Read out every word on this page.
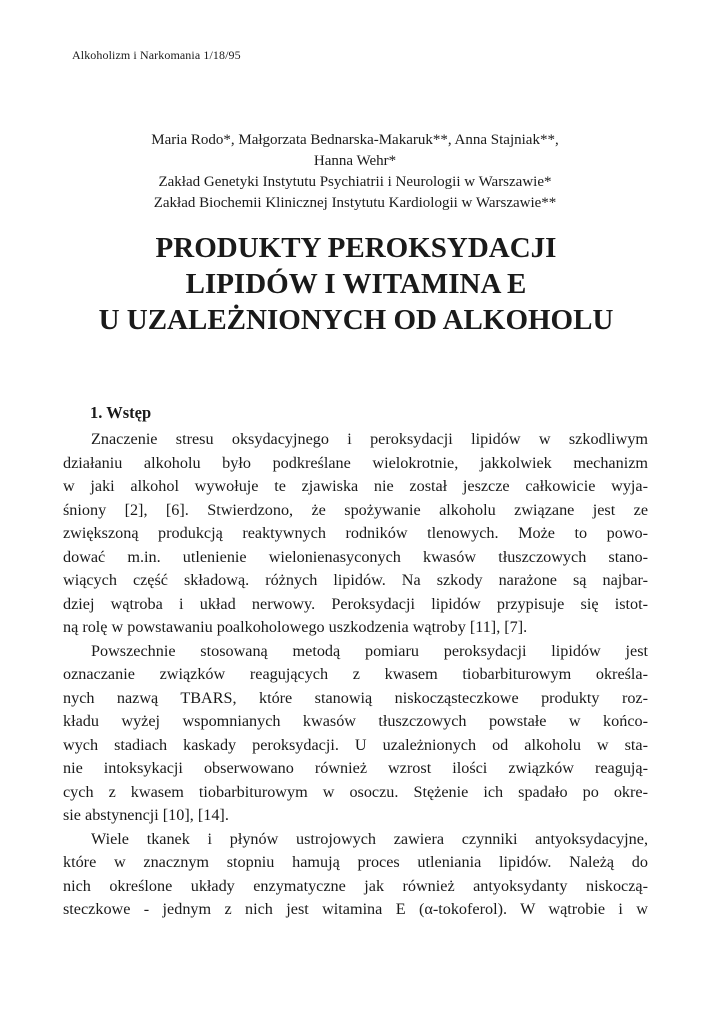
Alkoholizm i Narkomania 1/18/95
Maria Rodo*, Małgorzata Bednarska-Makaruk**, Anna Stajniak**,
Hanna Wehr*
Zakład Genetyki Instytutu Psychiatrii i Neurologii w Warszawie*
Zakład Biochemii Klinicznej Instytutu Kardiologii w Warszawie**
PRODUKTY PEROKSYDACJI
LIPIDÓW I WITAMINA E
U UZALEŻNIONYCH OD ALKOHOLU
1. Wstęp
Znaczenie stresu oksydacyjnego i peroksydacji lipidów w szkodliwym
działaniu alkoholu było podkreślane wielokrotnie, jakkolwiek mechanizm
w jaki alkohol wywołuje te zjawiska nie został jeszcze całkowicie wyja-
śniony [2], [6]. Stwierdzono, że spożywanie alkoholu związane jest ze
zwiększoną produkcją reaktywnych rodników tlenowych. Może to powo-
dować m.in. utlenienie wielonienasyconych kwasów tłuszczowych stano-
wiących część składową. różnych lipidów. Na szkody narażone są najbar-
dziej wątroba i układ nerwowy. Peroksydacji lipidów przypisuje się istot-
ną rolę w powstawaniu poalkoholowego uszkodzenia wątroby [11], [7].
Powszechnie stosowaną metodą pomiaru peroksydacji lipidów jest
oznaczanie związków reagujących z kwasem tiobarbiturowym określa-
nych nazwą TBARS, które stanowią niskocząsteczkowe produkty roz-
kładu wyżej wspomnianych kwasów tłuszczowych powstałe w końco-
wych stadiach kaskady peroksydacji. U uzależnionych od alkoholu w sta-
nie intoksykacji obserwowano również wzrost ilości związków reagują-
cych z kwasem tiobarbiturowym w osoczu. Stężenie ich spadało po okre-
sie abstynencji [10], [14].
Wiele tkanek i płynów ustrojowych zawiera czynniki antyoksydacyjne,
które w znacznym stopniu hamują proces utleniania lipidów. Należą do
nich określone układy enzymatyczne jak również antyoksydanty niskoczą-
steczkowe - jednym z nich jest witamina E (α-tokoferol). W wątrobie i w
